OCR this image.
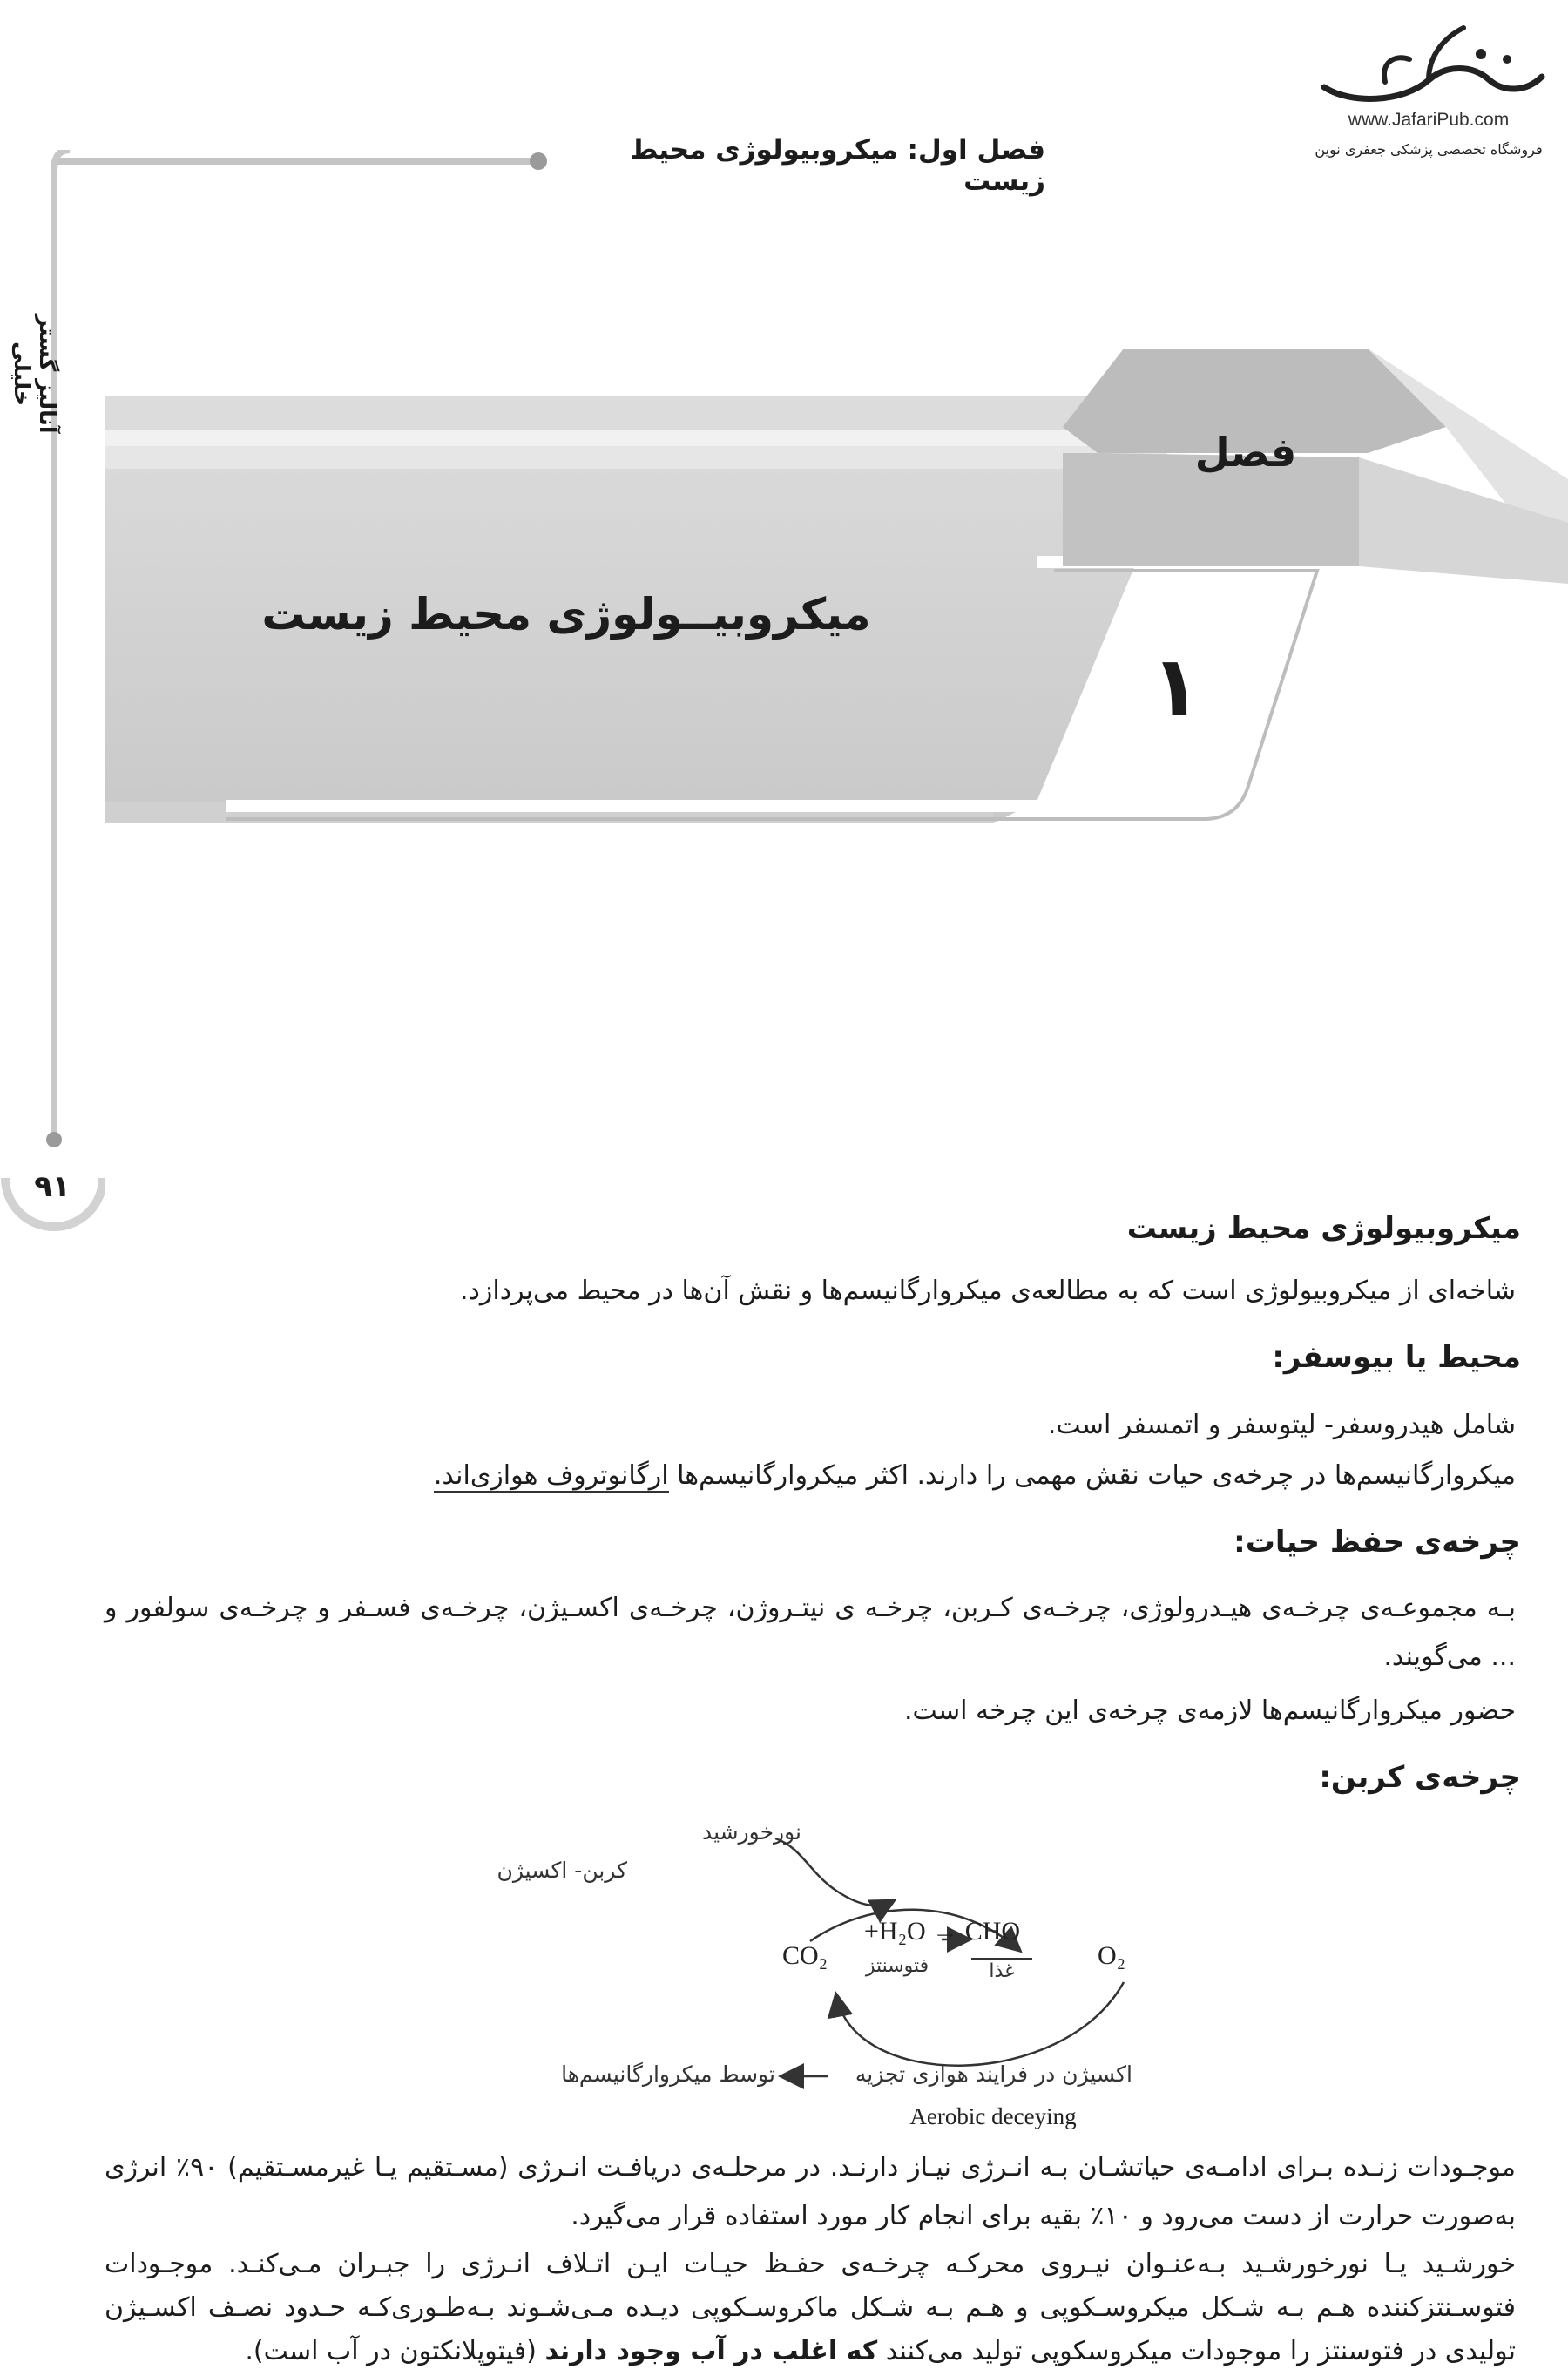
www.JafariPub.com
فروشگاه تخصصی پزشکی جعفری نوین
فصل اول: میکروبیولوژی محیط زیست
آنالیز گستر خلیلی
۹۱
فصل
۱
میکروبیــولوژی محیط زیست
میکروبیولوژی محیط زیست
شاخه‌ای از میکروبیولوژی است که به مطالعه‌ی میکروارگانیسم‌ها و نقش آن‌ها در محیط می‌پردازد.
محیط یا بیوسفر:
شامل هیدروسفر- لیتوسفر و اتمسفر است.
میکروارگانیسم‌ها در چرخه‌ی حیات نقش مهمی را دارند. اکثر میکروارگانیسم‌ها ارگانوتروف هوازی‌اند.
چرخه‌ی حفظ حیات:
بـه مجموعـه‌ی چرخـه‌ی هیـدرولوژی، چرخـه‌ی کـربن، چرخـه ی نیتـروژن، چرخـه‌ی اکسـیژن، چرخـه‌ی فسـفر و چرخـه‌ی سولفور و ... می‌گویند.
حضور میکروارگانیسم‌ها لازمه‌ی چرخه‌ی این چرخه است.
چرخه‌ی کربن:
نورخورشید
کربن- اکسیژن
CO₂
+H₂O → CHO
فتوسنتز	غذا
O₂
اکسیژن در فرایند هوازی تجزیه
توسط میکروارگانیسم‌ها
Aerobic deceying
موجـودات زنـده بـرای ادامـه‌ی حیاتشـان بـه انـرژی نیـاز دارنـد. در مرحلـه‌ی دریافـت انـرژی (مسـتقیم یـا غیرمسـتقیم) ۹۰٪ انرژی به‌صورت حرارت از دست می‌رود و ۱۰٪ بقیه برای انجام کار مورد استفاده قرار می‌گیرد.
خورشـید یـا نورخورشـید بـه‌عنـوان نیـروی محرکـه چرخـه‌ی حفـظ حیـات ایـن اتـلاف انـرژی را جبـران مـی‌کنـد. موجـودات فتوسـنتزکننده هـم بـه شـکل میکروسـکوپی و هـم بـه شـکل ماکروسـکوپی دیـده مـی‌شـوند بـه‌طـوری‌کـه حـدود نصـف اکسـیژن تولیدی در فتوسنتز را موجودات میکروسکوپی تولید می‌کنند که اغلب در آب وجود دارند (فیتوپلانکتون در آب است).
